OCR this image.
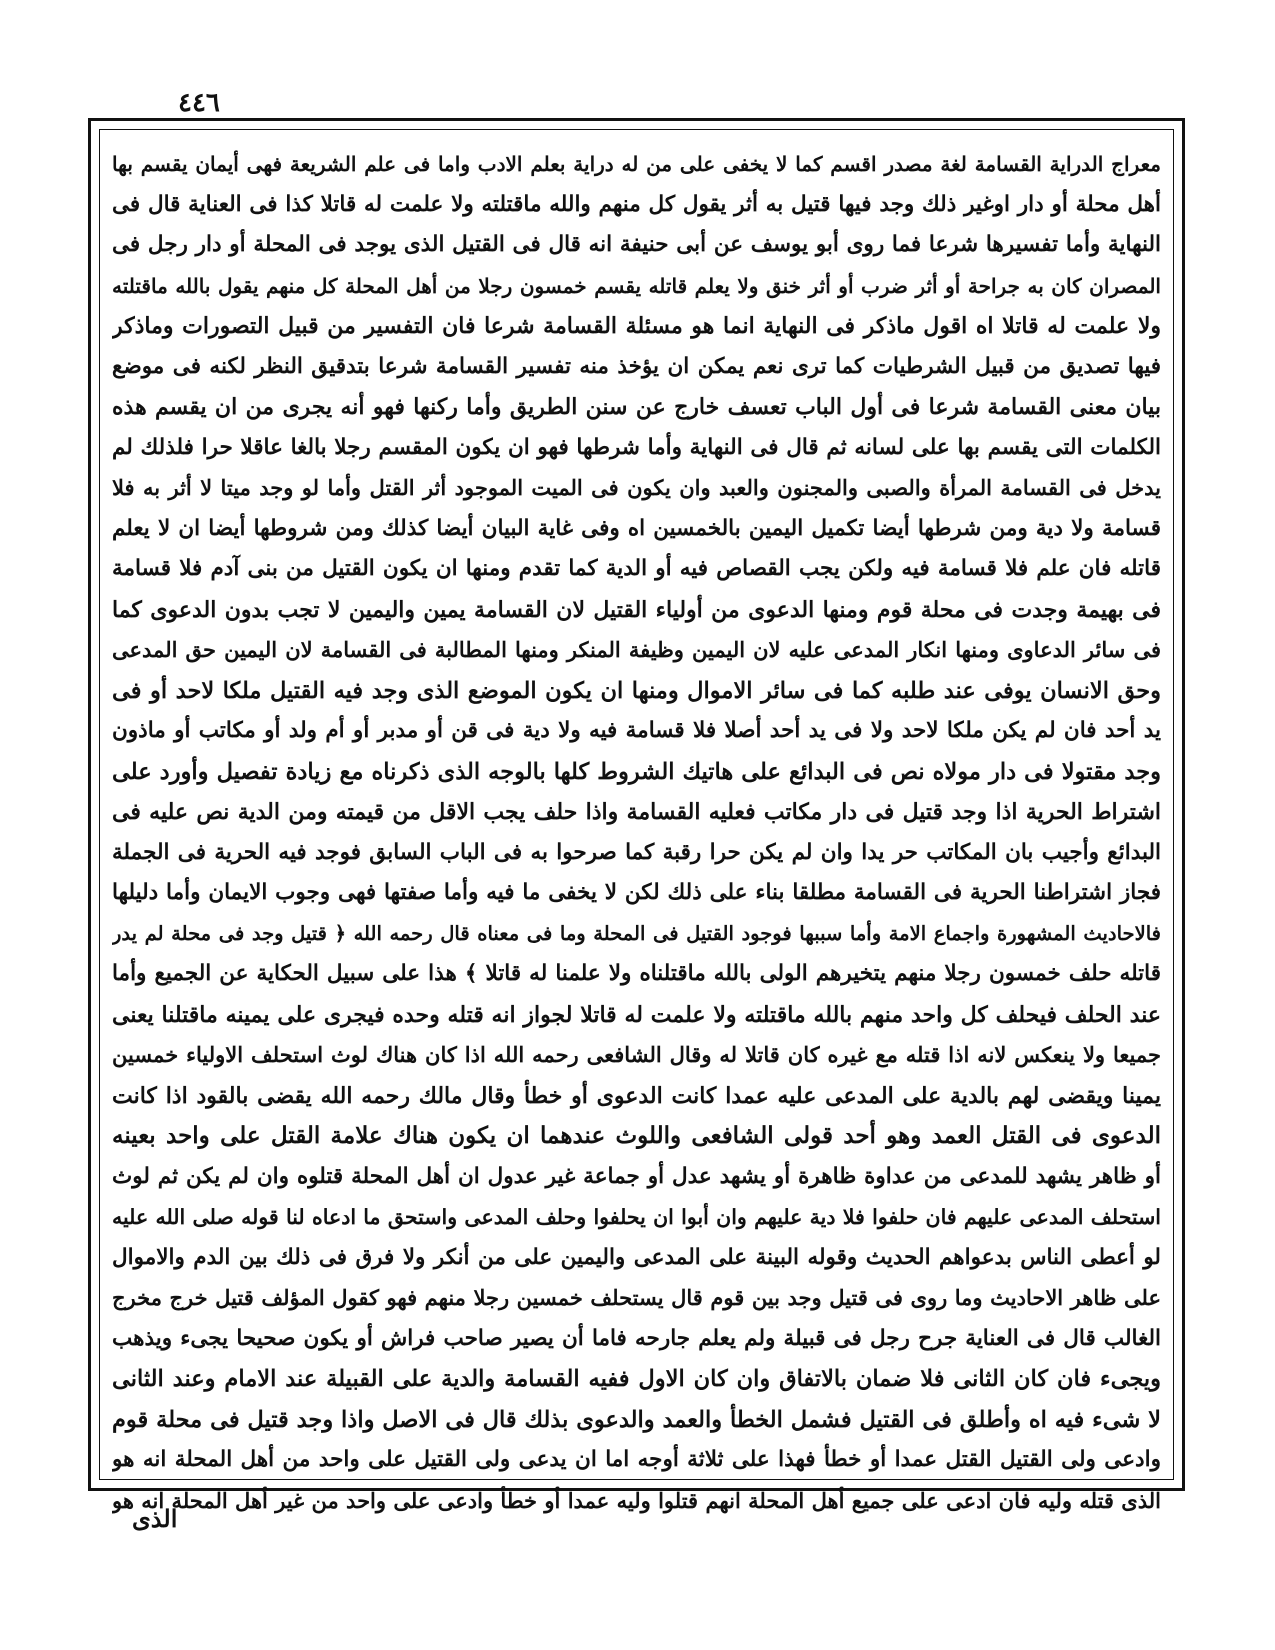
٤٤٦
معراج الدراية القسامة لغة مصدر اقسم كما لا يخفى على من له دراية بعلم الادب واما فى علم الشريعة فهى أيمان يقسم بها
أهل محلة أو دار اوغير ذلك وجد فيها قتيل به أثر يقول كل منهم والله ماقتلته ولا علمت له قاتلا كذا فى العناية قال فى
النهاية وأما تفسيرها شرعا فما روى أبو يوسف عن أبى حنيفة انه قال فى القتيل الذى يوجد فى المحلة أو دار رجل فى
المصران كان به جراحة أو أثر ضرب أو أثر خنق ولا يعلم قاتله يقسم خمسون رجلا من أهل المحلة كل منهم يقول بالله ماقتلته
ولا علمت له قاتلا اه اقول ماذكر فى النهاية انما هو مسئلة القسامة شرعا فان التفسير من قبيل التصورات وماذكر
فيها تصديق من قبيل الشرطيات كما ترى نعم يمكن ان يؤخذ منه تفسير القسامة شرعا بتدقيق النظر لكنه فى موضع
بيان معنى القسامة شرعا فى أول الباب تعسف خارج عن سنن الطريق وأما ركنها فهو أنه يجرى من ان يقسم هذه
الكلمات التى يقسم بها على لسانه ثم قال فى النهاية وأما شرطها فهو ان يكون المقسم رجلا بالغا عاقلا حرا فلذلك لم
يدخل فى القسامة المرأة والصبى والمجنون والعبد وان يكون فى الميت الموجود أثر القتل وأما لو وجد ميتا لا أثر به فلا
قسامة ولا دية ومن شرطها أيضا تكميل اليمين بالخمسين اه وفى غاية البيان أيضا كذلك ومن شروطها أيضا ان لا يعلم
قاتله فان علم فلا قسامة فيه ولكن يجب القصاص فيه أو الدية كما تقدم ومنها ان يكون القتيل من بنى آدم فلا قسامة
فى بهيمة وجدت فى محلة قوم ومنها الدعوى من أولياء القتيل لان القسامة يمين واليمين لا تجب بدون الدعوى كما
فى سائر الدعاوى ومنها انكار المدعى عليه لان اليمين وظيفة المنكر ومنها المطالبة فى القسامة لان اليمين حق المدعى
وحق الانسان يوفى عند طلبه كما فى سائر الاموال ومنها ان يكون الموضع الذى وجد فيه القتيل ملكا لاحد أو فى
يد أحد فان لم يكن ملكا لاحد ولا فى يد أحد أصلا فلا قسامة فيه ولا دية فى قن أو مدبر أو أم ولد أو مكاتب أو ماذون
وجد مقتولا فى دار مولاه نص فى البدائع على هاتيك الشروط كلها بالوجه الذى ذكرناه مع زيادة تفصيل وأورد على
اشتراط الحرية اذا وجد قتيل فى دار مكاتب فعليه القسامة واذا حلف يجب الاقل من قيمته ومن الدية نص عليه فى
البدائع وأجيب بان المكاتب حر يدا وان لم يكن حرا رقبة كما صرحوا به فى الباب السابق فوجد فيه الحرية فى الجملة
فجاز اشتراطنا الحرية فى القسامة مطلقا بناء على ذلك لكن لا يخفى ما فيه وأما صفتها فهى وجوب الايمان وأما دليلها
فالاحاديث المشهورة واجماع الامة وأما سببها فوجود القتيل فى المحلة وما فى معناه قال رحمه الله ﴿ قتيل وجد فى محلة لم يدر
قاتله حلف خمسون رجلا منهم يتخيرهم الولى بالله ماقتلناه ولا علمنا له قاتلا ﴾ هذا على سبيل الحكاية عن الجميع وأما
عند الحلف فيحلف كل واحد منهم بالله ماقتلته ولا علمت له قاتلا لجواز انه قتله وحده فيجرى على يمينه ماقتلنا يعنى
جميعا ولا ينعكس لانه اذا قتله مع غيره كان قاتلا له وقال الشافعى رحمه الله اذا كان هناك لوث استحلف الاولياء خمسين
يمينا ويقضى لهم بالدية على المدعى عليه عمدا كانت الدعوى أو خطأ وقال مالك رحمه الله يقضى بالقود اذا كانت
الدعوى فى القتل العمد وهو أحد قولى الشافعى واللوث عندهما ان يكون هناك علامة القتل على واحد بعينه
أو ظاهر يشهد للمدعى من عداوة ظاهرة أو يشهد عدل أو جماعة غير عدول ان أهل المحلة قتلوه وان لم يكن ثم لوث
استحلف المدعى عليهم فان حلفوا فلا دية عليهم وان أبوا ان يحلفوا وحلف المدعى واستحق ما ادعاه لنا قوله صلى الله عليه
لو أعطى الناس بدعواهم الحديث وقوله البينة على المدعى واليمين على من أنكر ولا فرق فى ذلك بين الدم والاموال
على ظاهر الاحاديث وما روى فى قتيل وجد بين قوم قال يستحلف خمسين رجلا منهم فهو كقول المؤلف قتيل خرج مخرج
الغالب قال فى العناية جرح رجل فى قبيلة ولم يعلم جارحه فاما أن يصير صاحب فراش أو يكون صحيحا يجىء ويذهب
ويجىء فان كان الثانى فلا ضمان بالاتفاق وان كان الاول ففيه القسامة والدية على القبيلة عند الامام وعند الثانى
لا شىء فيه اه وأطلق فى القتيل فشمل الخطأ والعمد والدعوى بذلك قال فى الاصل واذا وجد قتيل فى محلة قوم
وادعى ولى القتيل القتل عمدا أو خطأ فهذا على ثلاثة أوجه اما ان يدعى ولى القتيل على واحد من أهل المحلة انه هو
الذى قتله وليه فان ادعى على جميع أهل المحلة انهم قتلوا وليه عمدا أو خطأ وادعى على واحد من غير أهل المحلة انه هو
الذى
